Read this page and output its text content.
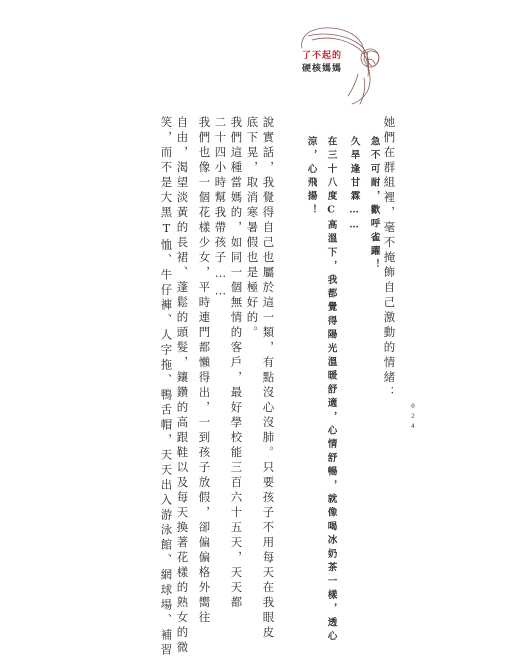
了不起的
硬核媽媽
她們在群組裡，毫不掩飾自己激動的情緒：
急不可耐，歡呼雀躍！
久旱逢甘霖……
在三十八度C高溫下，我都覺得陽光溫暖舒適，心情舒暢，就像喝冰奶茶一樣，透心
涼，心飛揚！
說實話，我覺得自己也屬於這一類，有點沒心沒肺。只要孩子不用每天在我眼皮
底下晃，取消寒暑假也是極好的。
我們這種當媽的，如同一個無情的客戶，最好學校能三百六十五天，天天都
二十四小時幫我帶孩子……
我們也像一個花樣少女，平時連門都懶得出，一到孩子放假，卻偏偏格外嚮往
自由，渴望淡黃的長裙、蓬鬆的頭髮，鑲鑽的高跟鞋以及每天換著花樣的熟女的微
笑，而不是大黑T恤、牛仔褲、人字拖、鴨舌帽，天天出入游泳館、網球場、補習	024
